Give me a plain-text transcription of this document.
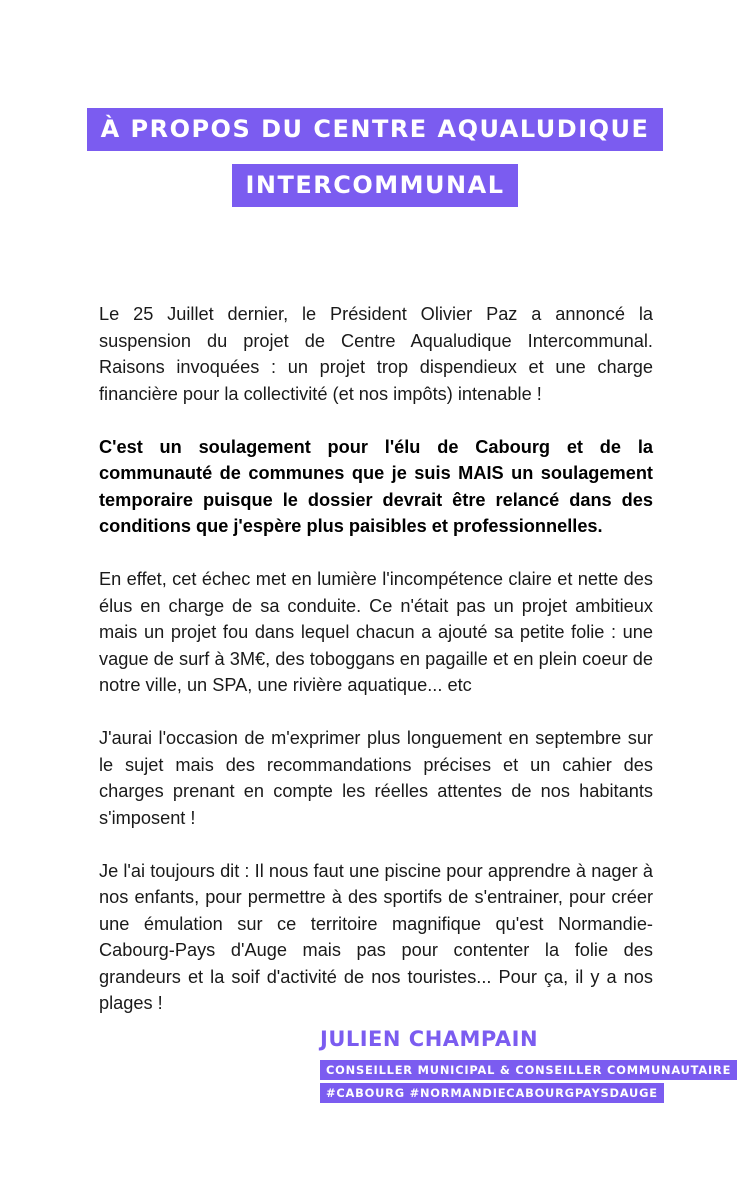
À PROPOS DU CENTRE AQUALUDIQUE
INTERCOMMUNAL

Le 25 Juillet dernier, le Président Olivier Paz a annoncé la suspension du projet de Centre Aqualudique Intercommunal. Raisons invoquées : un projet trop dispendieux et une charge financière pour la collectivité (et nos impôts) intenable !

C'est un soulagement pour l'élu de Cabourg et de la communauté de communes que je suis MAIS un soulagement temporaire puisque le dossier devrait être relancé dans des conditions que j'espère plus paisibles et professionnelles.

En effet, cet échec met en lumière l'incompétence claire et nette des élus en charge de sa conduite. Ce n'était pas un projet ambitieux mais un projet fou dans lequel chacun a ajouté sa petite folie : une vague de surf à 3M€, des toboggans en pagaille et en plein coeur de notre ville, un SPA, une rivière aquatique... etc

J'aurai l'occasion de m'exprimer plus longuement en septembre sur le sujet mais des recommandations précises et un cahier des charges prenant en compte les réelles attentes de nos habitants s'imposent !

Je l'ai toujours dit : Il nous faut une piscine pour apprendre à nager à nos enfants, pour permettre à des sportifs de s'entrainer, pour créer une émulation sur ce territoire magnifique qu'est Normandie-Cabourg-Pays d'Auge mais pas pour contenter la folie des grandeurs et la soif d'activité de nos touristes... Pour ça, il y a nos plages !

JULIEN CHAMPAIN
CONSEILLER MUNICIPAL & CONSEILLER COMMUNAUTAIRE
#CABOURG #NORMANDIECABOURGPAYSDAUGE
